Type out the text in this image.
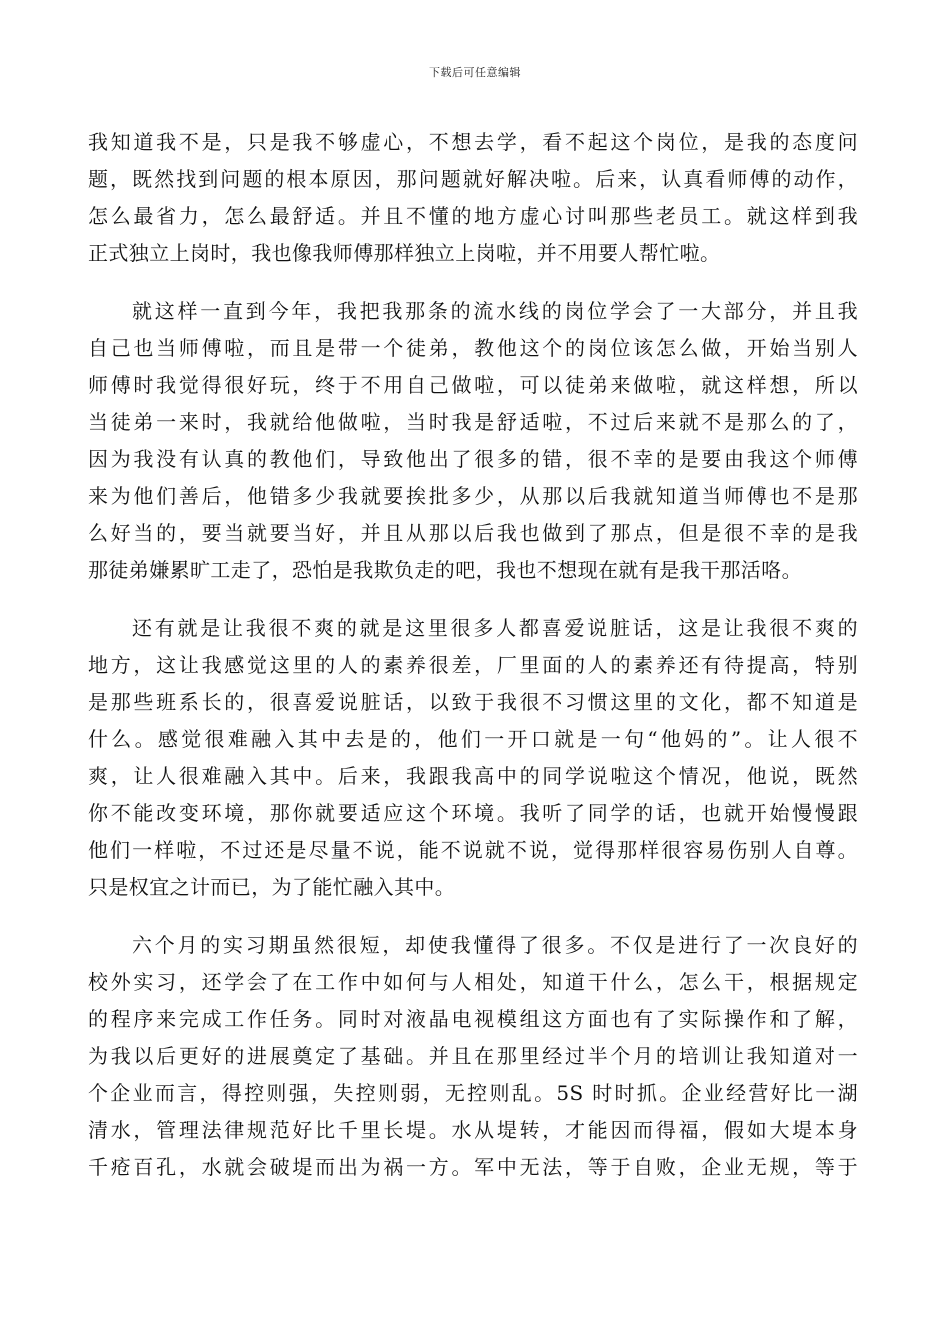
下载后可任意编辑
我知道我不是，只是我不够虚心，不想去学，看不起这个岗位，是我的态度问
题，既然找到问题的根本原因，那问题就好解决啦。后来，认真看师傅的动作，
怎么最省力，怎么最舒适。并且不懂的地方虚心讨叫那些老员工。就这样到我
正式独立上岗时，我也像我师傅那样独立上岗啦，并不用要人帮忙啦。
就这样一直到今年，我把我那条的流水线的岗位学会了一大部分，并且我
自己也当师傅啦，而且是带一个徒弟，教他这个的岗位该怎么做，开始当别人
师傅时我觉得很好玩，终于不用自己做啦，可以徒弟来做啦，就这样想，所以
当徒弟一来时，我就给他做啦，当时我是舒适啦，不过后来就不是那么的了，
因为我没有认真的教他们，导致他出了很多的错，很不幸的是要由我这个师傅
来为他们善后，他错多少我就要挨批多少，从那以后我就知道当师傅也不是那
么好当的，要当就要当好，并且从那以后我也做到了那点，但是很不幸的是我
那徒弟嫌累旷工走了，恐怕是我欺负走的吧，我也不想现在就有是我干那活咯。
还有就是让我很不爽的就是这里很多人都喜爱说脏话，这是让我很不爽的
地方，这让我感觉这里的人的素养很差，厂里面的人的素养还有待提高，特别
是那些班系长的，很喜爱说脏话，以致于我很不习惯这里的文化，都不知道是
什么。感觉很难融入其中去是的，他们一开口就是一句“他妈的”。让人很不
爽，让人很难融入其中。后来，我跟我高中的同学说啦这个情况，他说，既然
你不能改变环境，那你就要适应这个环境。我听了同学的话，也就开始慢慢跟
他们一样啦，不过还是尽量不说，能不说就不说，觉得那样很容易伤别人自尊。
只是权宜之计而已，为了能忙融入其中。
六个月的实习期虽然很短，却使我懂得了很多。不仅是进行了一次良好的
校外实习，还学会了在工作中如何与人相处，知道干什么，怎么干，根据规定
的程序来完成工作任务。同时对液晶电视模组这方面也有了实际操作和了解，
为我以后更好的进展奠定了基础。并且在那里经过半个月的培训让我知道对一
个企业而言，得控则强，失控则弱，无控则乱。5S 时时抓。企业经营好比一湖
清水，管理法律规范好比千里长堤。水从堤转，才能因而得福，假如大堤本身
千疮百孔，水就会破堤而出为祸一方。军中无法，等于自败，企业无规，等于
